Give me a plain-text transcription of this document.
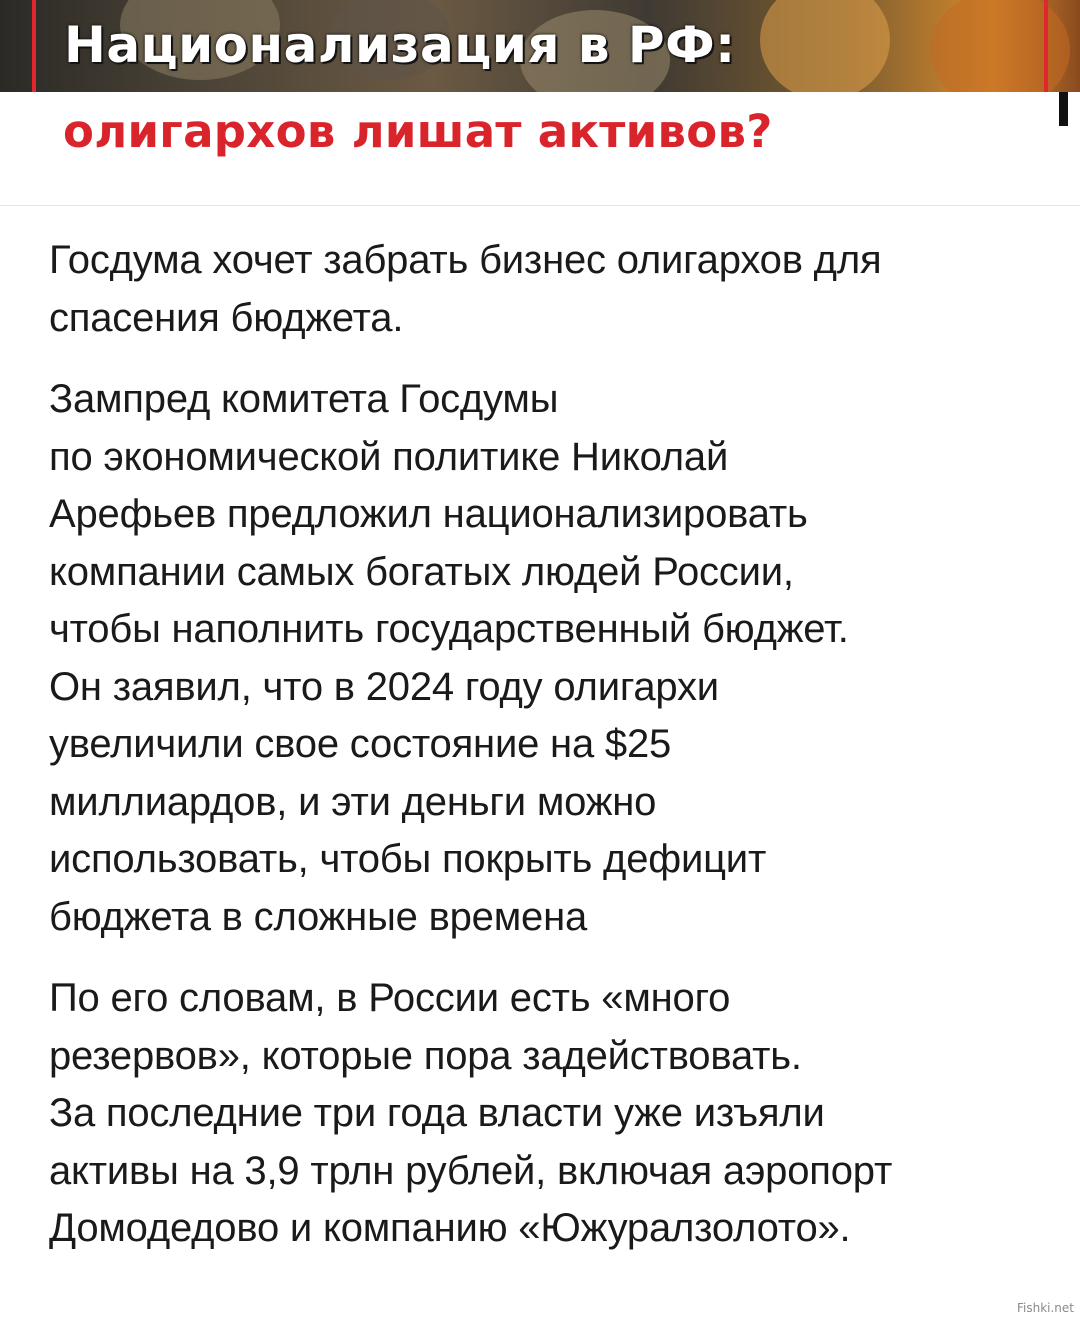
Национализация в РФ:
олигархов лишат активов?

Госдума хочет забрать бизнес олигархов для
спасения бюджета.

Зампред комитета Госдумы
по экономической политике Николай
Арефьев предложил национализировать
компании самых богатых людей России,
чтобы наполнить государственный бюджет.
Он заявил, что в 2024 году олигархи
увеличили свое состояние на $25
миллиардов, и эти деньги можно
использовать, чтобы покрыть дефицит
бюджета в сложные времена

По его словам, в России есть «много
резервов», которые пора задействовать.
За последние три года власти уже изъяли
активы на 3,9 трлн рублей, включая аэропорт
Домодедово и компанию «Южуралзолото».

Fishki.net
